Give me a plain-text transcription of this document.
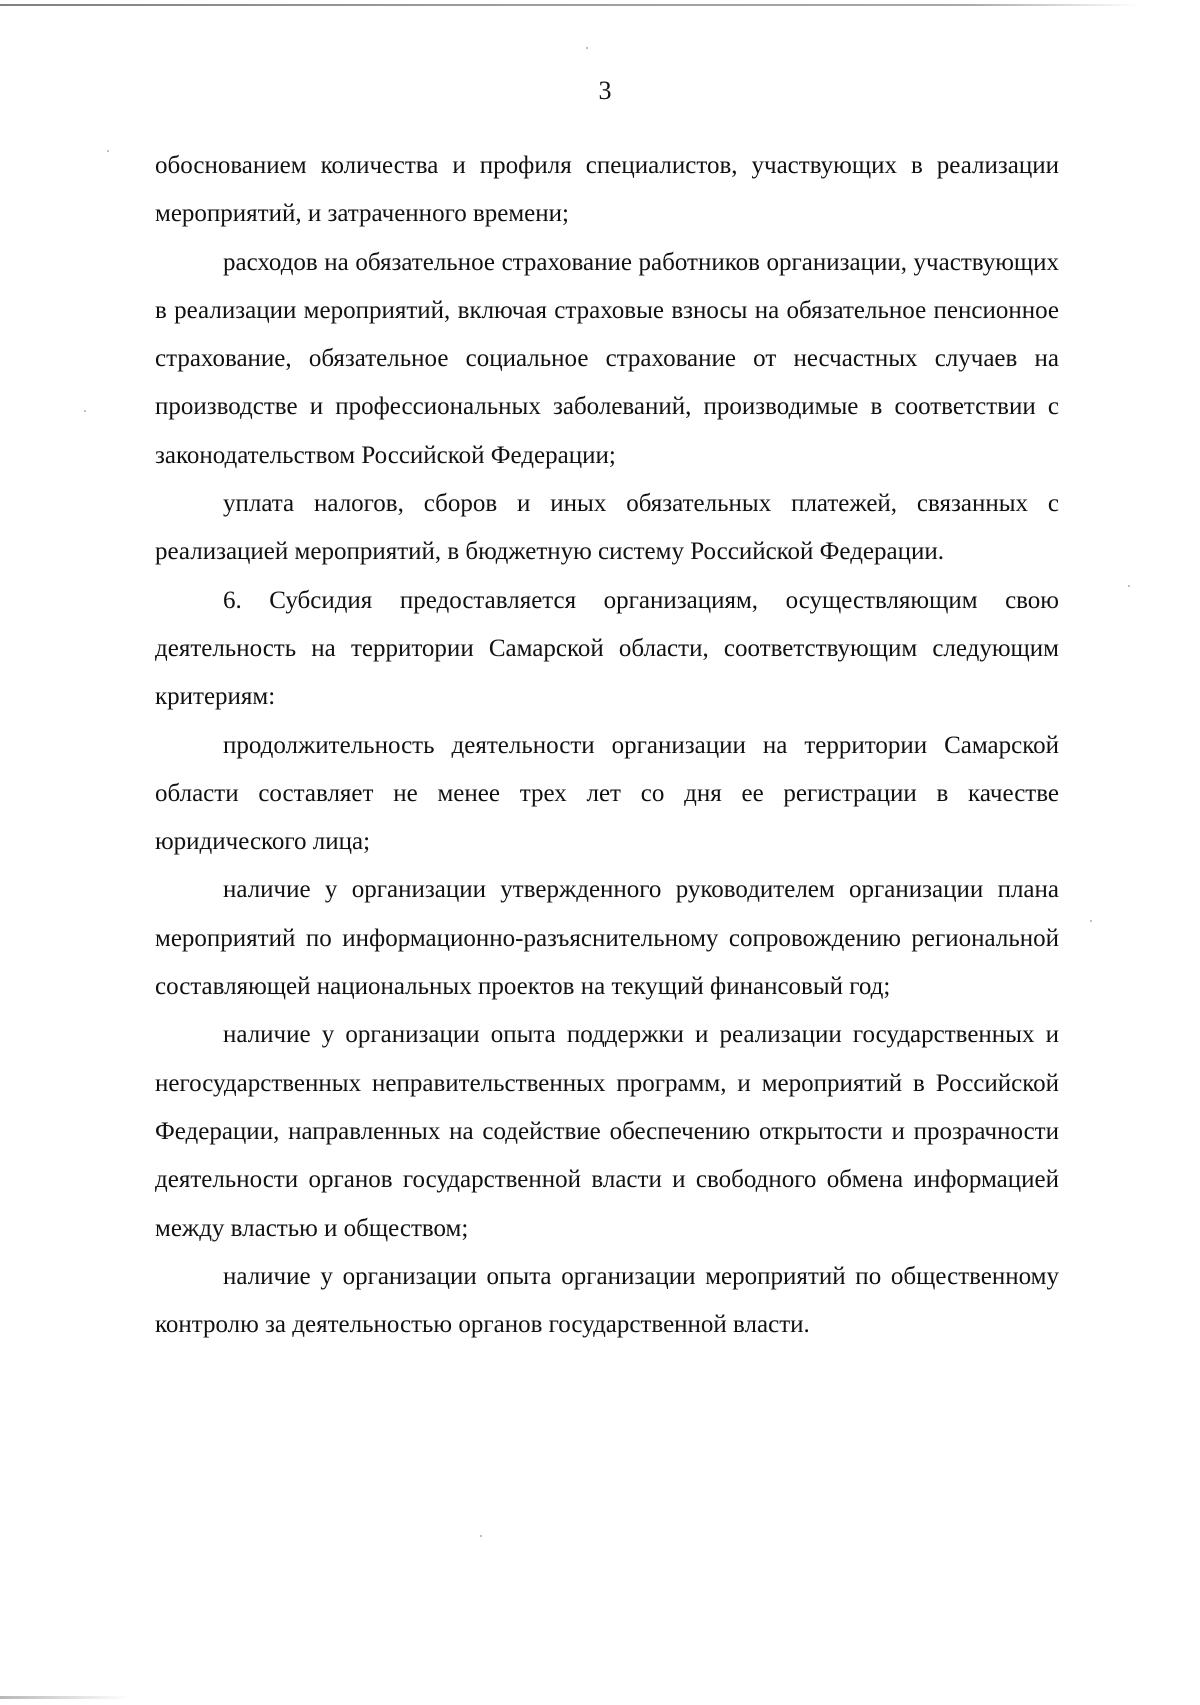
3

обоснованием количества и профиля специалистов, участвующих в реализации мероприятий, и затраченного времени;

расходов на обязательное страхование работников организации, участвующих в реализации мероприятий, включая страховые взносы на обязательное пенсионное страхование, обязательное социальное страхование от несчастных случаев на производстве и профессиональных заболеваний, производимые в соответствии с законодательством Российской Федерации;

уплата налогов, сборов и иных обязательных платежей, связанных с реализацией мероприятий, в бюджетную систему Российской Федерации.

6. Субсидия предоставляется организациям, осуществляющим свою деятельность на территории Самарской области, соответствующим следующим критериям:

продолжительность деятельности организации на территории Самарской области составляет не менее трех лет со дня ее регистрации в качестве юридического лица;

наличие у организации утвержденного руководителем организации плана мероприятий по информационно-разъяснительному сопровождению региональной составляющей национальных проектов на текущий финансовый год;

наличие у организации опыта поддержки и реализации государственных и негосударственных неправительственных программ, и мероприятий в Российской Федерации, направленных на содействие обеспечению открытости и прозрачности деятельности органов государственной власти и свободного обмена информацией между властью и обществом;

наличие у организации опыта организации мероприятий по общественному контролю за деятельностью органов государственной власти.
